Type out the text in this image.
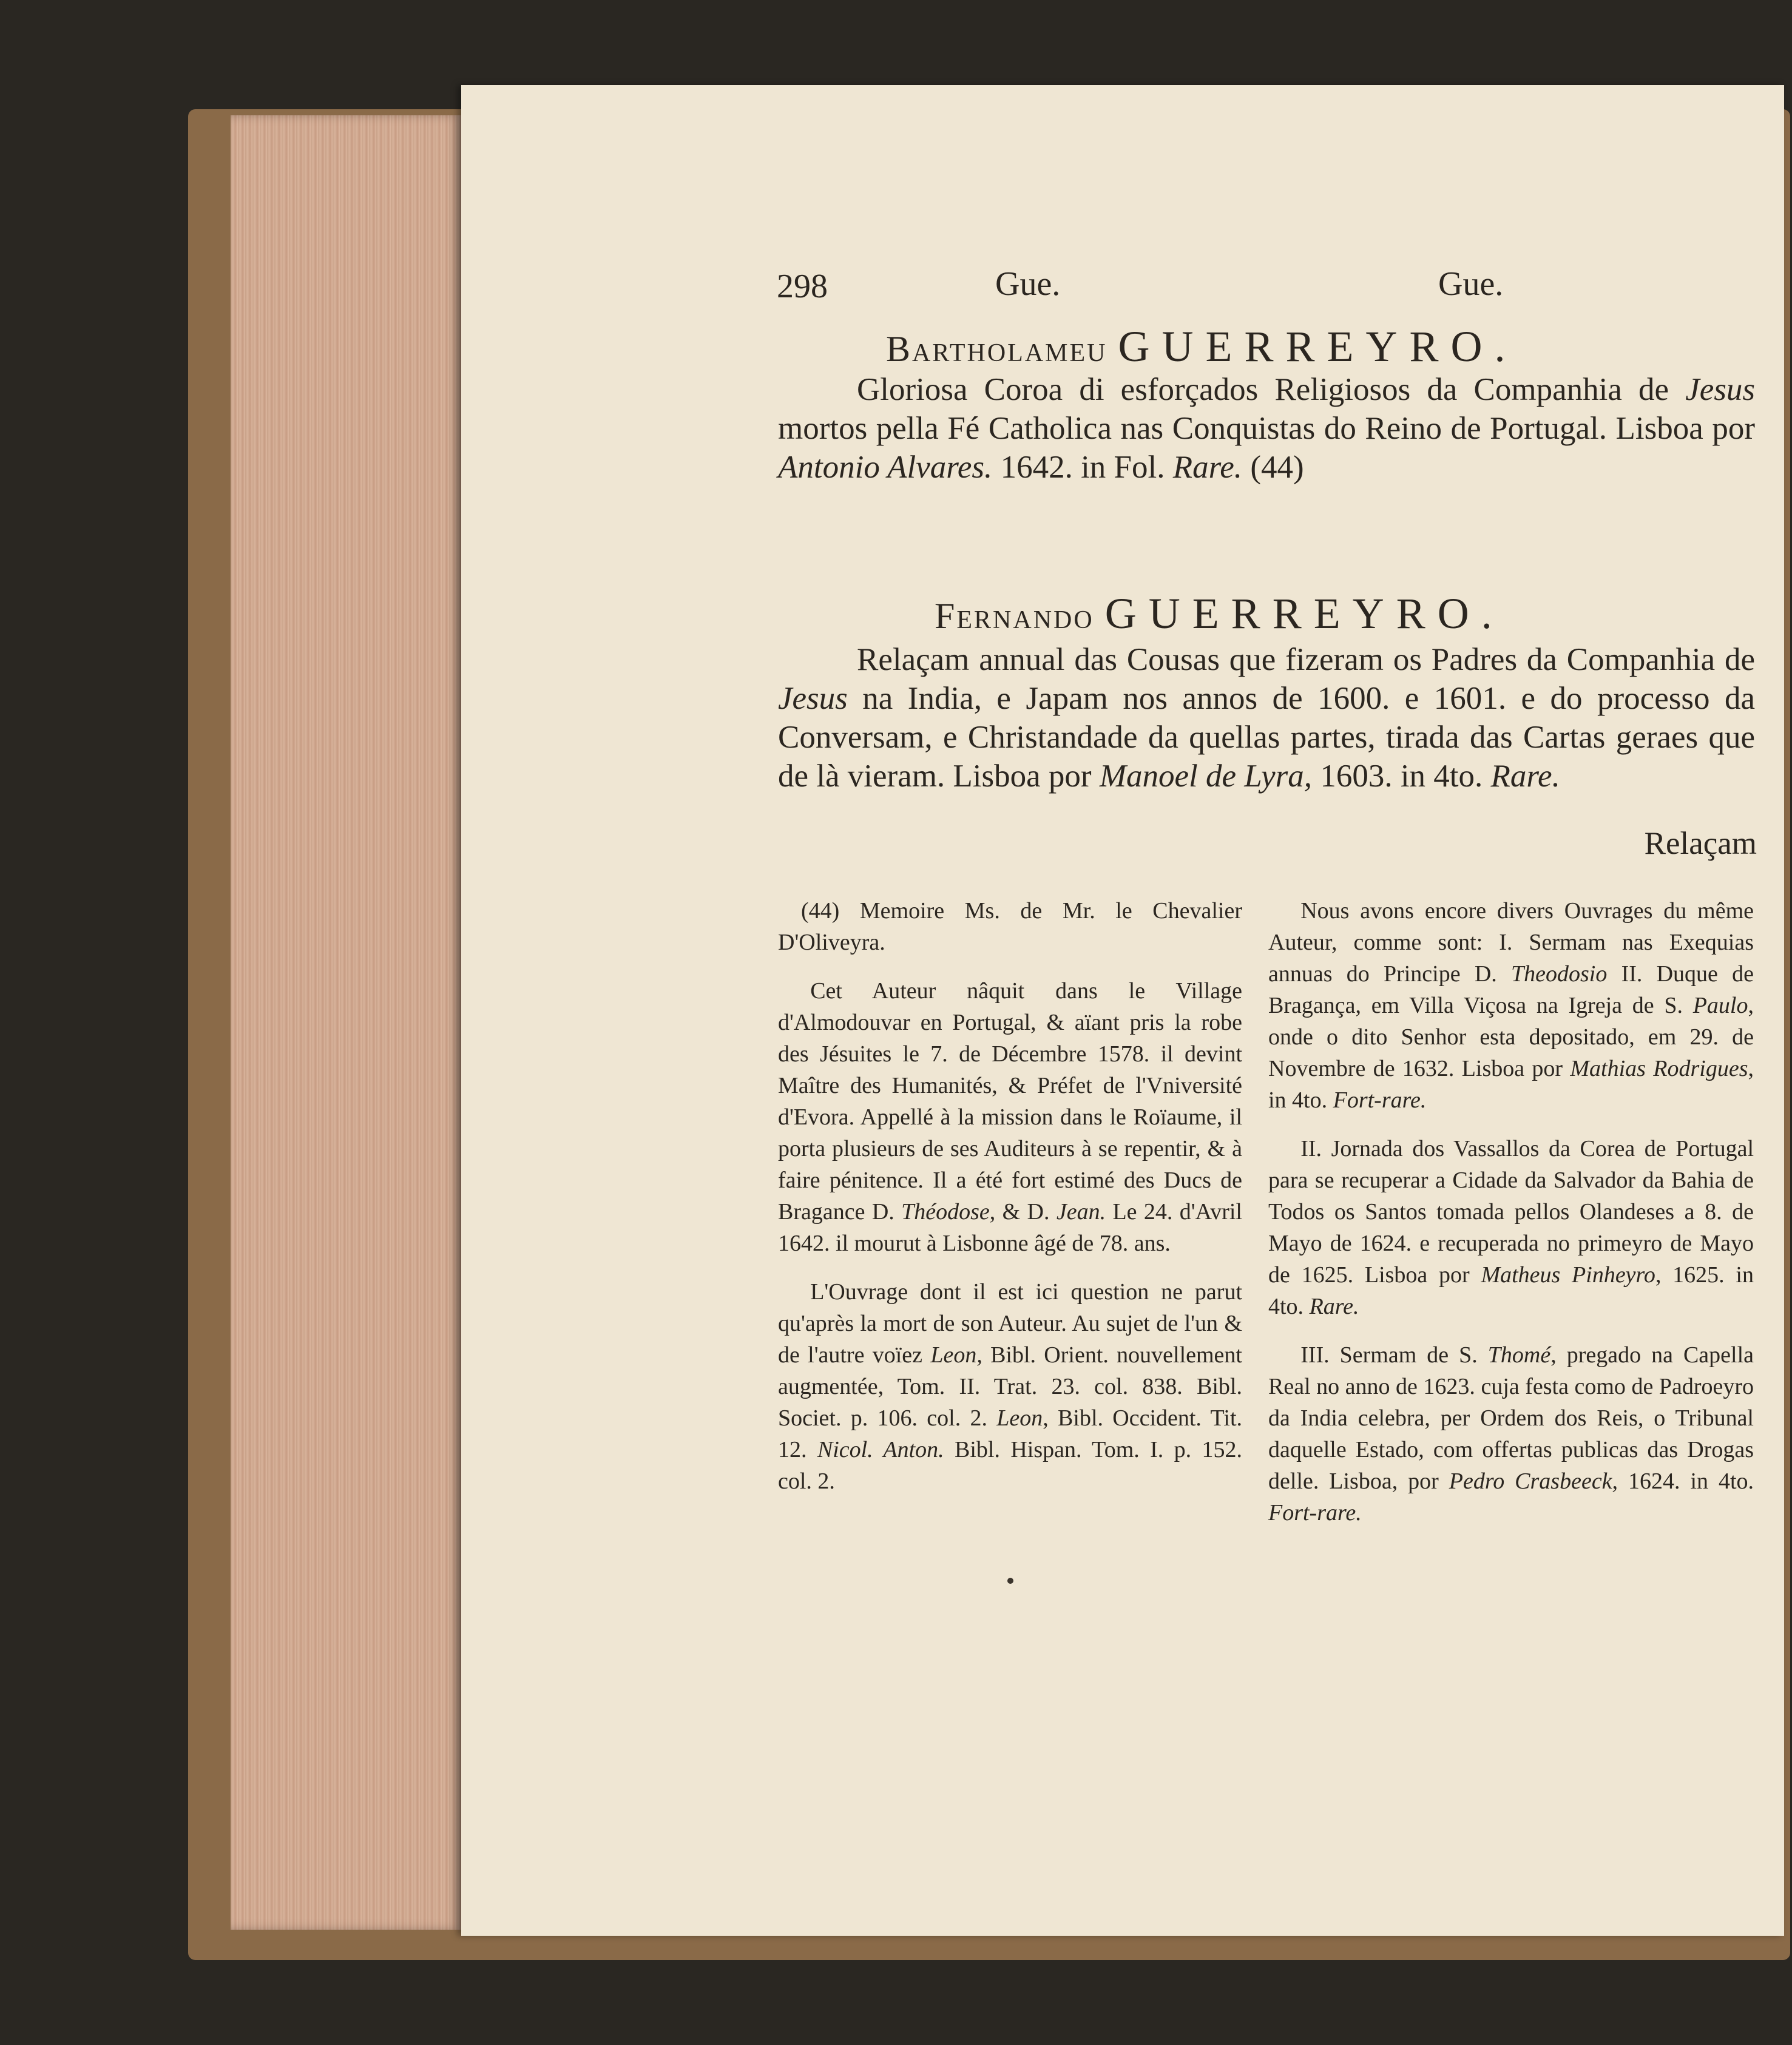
298	Gue.	Gue.
Bartholameu GUERREYRO.
Gloriosa Coroa di esforçados Religiosos da Companhia de Jesus mortos pella Fé Catholica nas Conquistas do Reino de Portugal. Lisboa por Antonio Alvares. 1642. in Fol. Rare. (44)
Fernando GUERREYRO.
Relaçam annual das Cousas que fizeram os Padres da Companhia de Jesus na India, e Japam nos annos de 1600. e 1601. e do processo da Conversam, e Christandade da quellas partes, tirada das Cartas geraes que de là vieram. Lisboa por Manoel de Lyra, 1603. in 4to. Rare.
Relaçam

(44) Memoire Ms. de Mr. le Chevalier D'Oliveyra.

Cet Auteur nâquit dans le Village d'Almodouvar en Portugal, & aïant pris la robe des Jésuites le 7. de Décembre 1578. il devint Maître des Humanités, & Préfet de l'Vniversité d'Evora. Appellé à la mission dans le Roïaume, il porta plusieurs de ses Auditeurs à se repentir, & à faire pénitence. Il a été fort estimé des Ducs de Bragance D. Théodose, & D. Jean. Le 24. d'Avril 1642. il mourut à Lisbonne âgé de 78. ans.

L'Ouvrage dont il est ici question ne parut qu'après la mort de son Auteur. Au sujet de l'un & de l'autre voïez Leon, Bibl. Orient. nouvellement augmentée, Tom. II. Trat. 23. col. 838. Bibl. Societ. p. 106. col. 2. Leon, Bibl. Occident. Tit. 12. Nicol. Anton. Bibl. Hispan. Tom. I. p. 152. col. 2.

Nous avons encore divers Ouvrages du même Auteur, comme sont: I. Sermam nas Exequias annuas do Principe D. Theodosio II. Duque de Bragança, em Villa Viçosa na Igreja de S. Paulo, onde o dito Senhor esta depositado, em 29. de Novembre de 1632. Lisboa por Mathias Rodrigues, in 4to. Fort-rare.

II. Jornada dos Vassallos da Corea de Portugal para se recuperar a Cidade da Salvador da Bahia de Todos os Santos tomada pellos Olandeses a 8. de Mayo de 1624. e recuperada no primeyro de Mayo de 1625. Lisboa por Matheus Pinheyro, 1625. in 4to. Rare.

III. Sermam de S. Thomé, pregado na Capella Real no anno de 1623. cuja festa como de Padroeyro da India celebra, per Ordem dos Reis, o Tribunal daquelle Estado, com offertas publicas das Drogas delle. Lisboa, por Pedro Crasbeeck, 1624. in 4to. Fort-rare.
